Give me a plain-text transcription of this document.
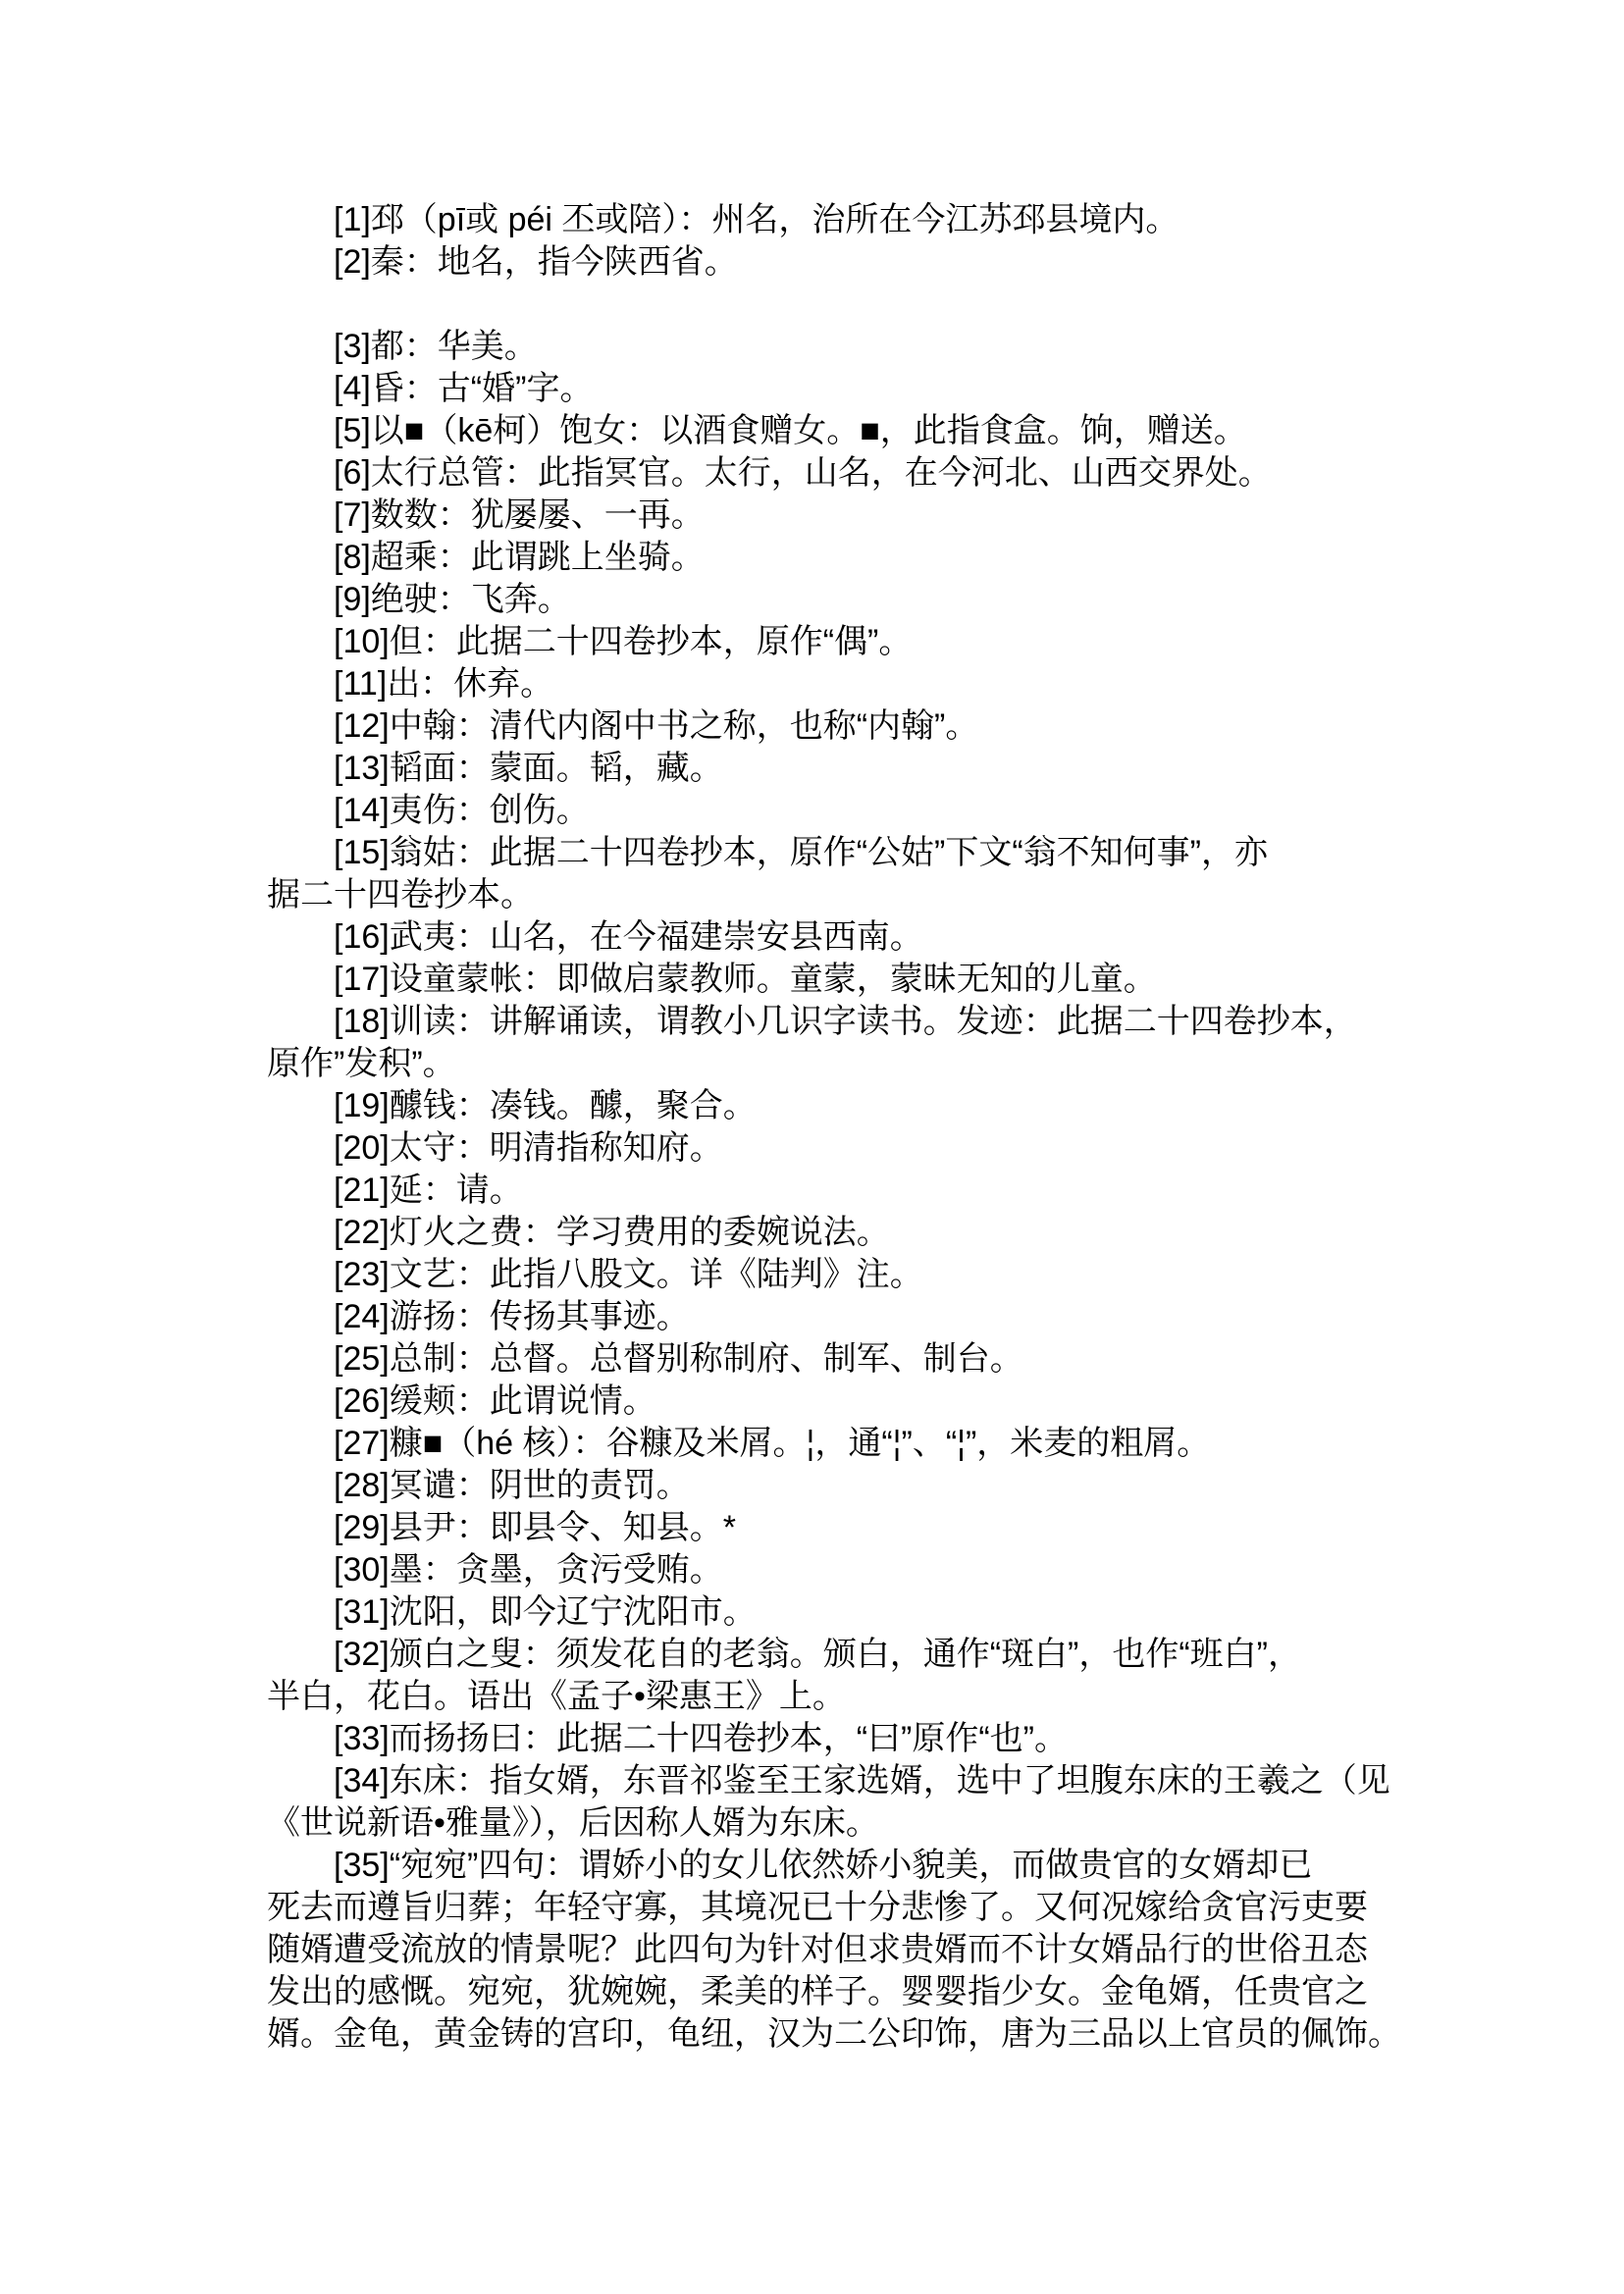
[1]邳（pī或 péi 丕或陪）：州名，治所在今江苏邳县境内。
[2]秦：地名，指今陕西省。
[3]都：华美。
[4]昏：古“婚”字。
[5]以■（kē柯）饱女：以酒食赠女。■，此指食盒。饷，赠送。
[6]太行总管：此指冥官。太行，山名，在今河北、山西交界处。
[7]数数：犹屡屡、一再。
[8]超乘：此谓跳上坐骑。
[9]绝驶：飞奔。
[10]但：此据二十四卷抄本，原作“偶”。
[11]出：休弃。
[12]中翰：清代内阁中书之称，也称“内翰”。
[13]韬面：蒙面。韬，藏。
[14]夷伤：创伤。
[15]翁姑：此据二十四卷抄本，原作“公姑”下文“翁不知何事”，亦
据二十四卷抄本。
[16]武夷：山名，在今福建崇安县西南。
[17]设童蒙帐：即做启蒙教师。童蒙，蒙昧无知的儿童。
[18]训读：讲解诵读，谓教小几识字读书。发迹：此据二十四卷抄本，
原作”发积”。
[19]醵钱：凑钱。醵，聚合。
[20]太守：明清指称知府。
[21]延：请。
[22]灯火之费：学习费用的委婉说法。
[23]文艺：此指八股文。详《陆判》注。
[24]游扬：传扬其事迹。
[25]总制：总督。总督别称制府、制军、制台。
[26]缓颊：此谓说情。
[27]糠■（hé 核）：谷糠及米屑。¦，通“¦”、“¦”，米麦的粗屑。
[28]冥谴：阴世的责罚。
[29]县尹：即县令、知县。*
[30]墨：贪墨，贪污受贿。
[31]沈阳，即今辽宁沈阳市。
[32]颁白之叟：须发花自的老翁。颁白，通作“斑白”，也作“班白”，
半白，花白。语出《孟子•梁惠王》上。
[33]而扬扬曰：此据二十四卷抄本，“曰”原作“也”。
[34]东床：指女婿，东晋祁鉴至王家选婿，选中了坦腹东床的王羲之（见
《世说新语•雅量》），后因称人婿为东床。
[35]“宛宛”四句：谓娇小的女儿依然娇小貌美，而做贵官的女婿却已
死去而遵旨归葬；年轻守寡，其境况已十分悲惨了。又何况嫁给贪官污吏要
随婿遭受流放的情景呢？此四句为针对但求贵婿而不计女婿品行的世俗丑态
发出的感慨。宛宛，犹婉婉，柔美的样子。婴婴指少女。金龟婿，任贵官之
婿。金龟，黄金铸的宫印，龟纽，汉为二公印饰，唐为三品以上官员的佩饰。
